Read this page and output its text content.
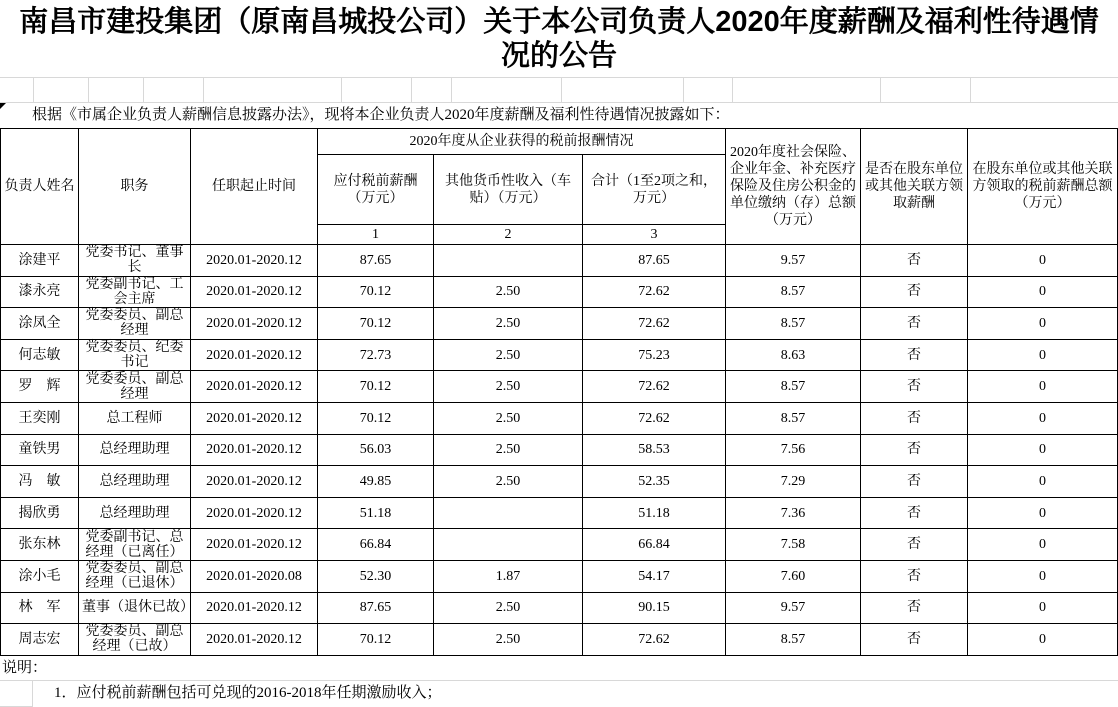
南昌市建投集团（原南昌城投公司）关于本公司负责人2020年度薪酬及福利性待遇情况的公告

根据《市属企业负责人薪酬信息披露办法》，现将本企业负责人2020年度薪酬及福利性待遇情况披露如下：

负责人姓名	职务	任职起止时间	2020年度从企业获得的税前报酬情况			2020年度社会保险、企业年金、补充医疗保险及住房公积金的单位缴纳（存）总额（万元）	是否在股东单位或其他关联方领取薪酬	在股东单位或其他关联方领取的税前薪酬总额（万元）
			应付税前薪酬（万元）	其他货币性收入（车贴）（万元）	合计（1至2项之和，万元）			
			1	2	3			
涂建平	党委书记、董事长	2020.01-2020.12	87.65		87.65	9.57	否	0
漆永亮	党委副书记、工会主席	2020.01-2020.12	70.12	2.50	72.62	8.57	否	0
涂凤全	党委委员、副总经理	2020.01-2020.12	70.12	2.50	72.62	8.57	否	0
何志敏	党委委员、纪委书记	2020.01-2020.12	72.73	2.50	75.23	8.63	否	0
罗　辉	党委委员、副总经理	2020.01-2020.12	70.12	2.50	72.62	8.57	否	0
王奕刚	总工程师	2020.01-2020.12	70.12	2.50	72.62	8.57	否	0
童铁男	总经理助理	2020.01-2020.12	56.03	2.50	58.53	7.56	否	0
冯　敏	总经理助理	2020.01-2020.12	49.85	2.50	52.35	7.29	否	0
揭欣勇	总经理助理	2020.01-2020.12	51.18		51.18	7.36	否	0
张东林	党委副书记、总经理（已离任）	2020.01-2020.12	66.84		66.84	7.58	否	0
涂小毛	党委委员、副总经理（已退休）	2020.01-2020.08	52.30	1.87	54.17	7.60	否	0
林　军	董事（退休已故）	2020.01-2020.12	87.65	2.50	90.15	9.57	否	0
周志宏	党委委员、副总经理（已故）	2020.01-2020.12	70.12	2.50	72.62	8.57	否	0
说明：
1．应付税前薪酬包括可兑现的2016-2018年任期激励收入；
